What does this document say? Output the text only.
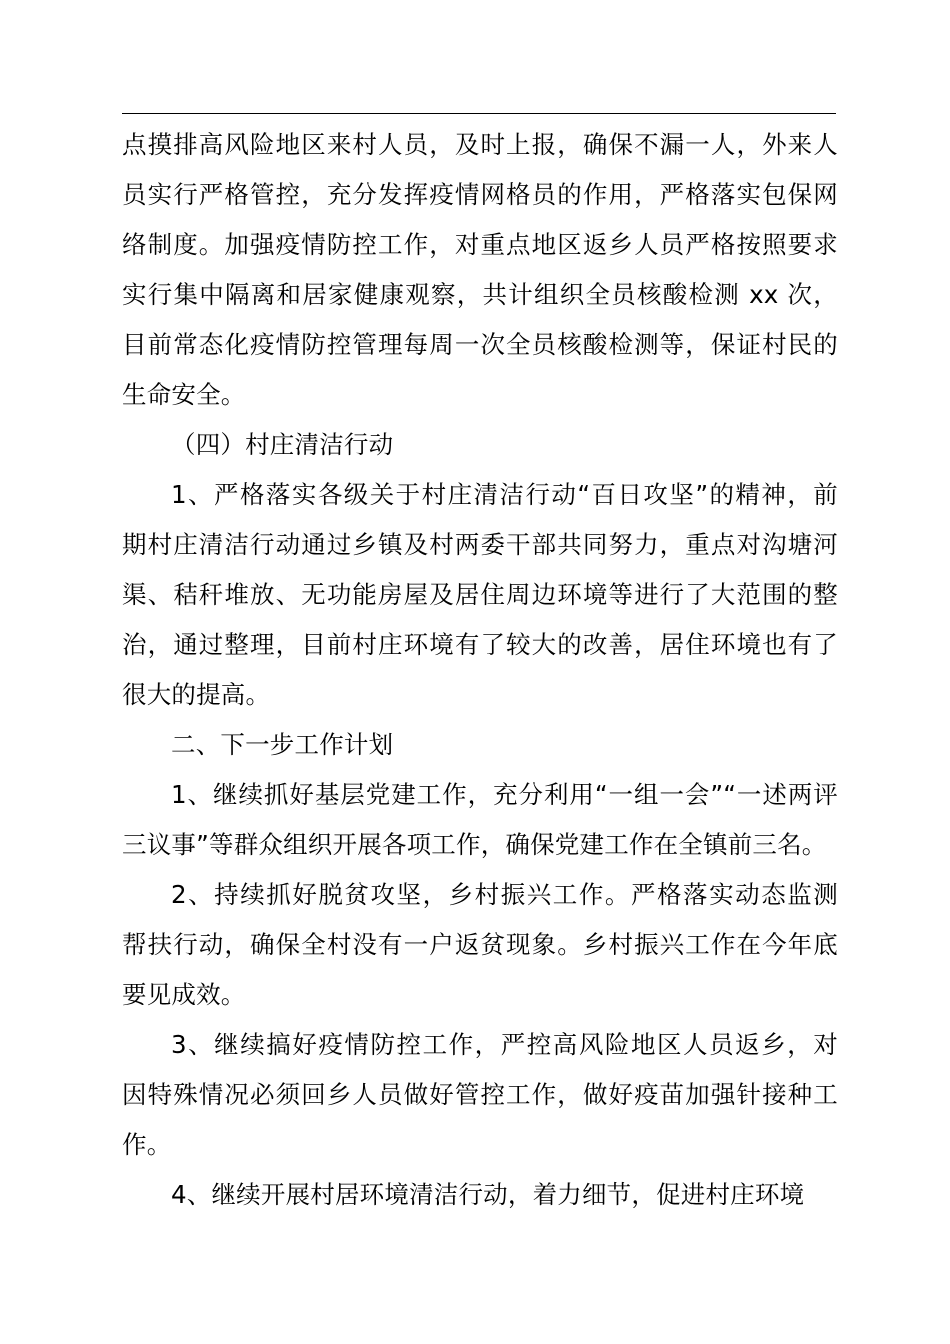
点摸排高风险地区来村人员，及时上报，确保不漏一人，外来人
员实行严格管控，充分发挥疫情网格员的作用，严格落实包保网
络制度。加强疫情防控工作，对重点地区返乡人员严格按照要求
实行集中隔离和居家健康观察，共计组织全员核酸检测 xx 次，
目前常态化疫情防控管理每周一次全员核酸检测等，保证村民的
生命安全。
（四）村庄清洁行动
1、严格落实各级关于村庄清洁行动“百日攻坚”的精神，前
期村庄清洁行动通过乡镇及村两委干部共同努力，重点对沟塘河
渠、秸秆堆放、无功能房屋及居住周边环境等进行了大范围的整
治，通过整理，目前村庄环境有了较大的改善，居住环境也有了
很大的提高。
二、下一步工作计划
1、继续抓好基层党建工作，充分利用“一组一会”“一述两评
三议事”等群众组织开展各项工作，确保党建工作在全镇前三名。
2、持续抓好脱贫攻坚，乡村振兴工作。严格落实动态监测
帮扶行动，确保全村没有一户返贫现象。乡村振兴工作在今年底
要见成效。
3、继续搞好疫情防控工作，严控高风险地区人员返乡，对
因特殊情况必须回乡人员做好管控工作，做好疫苗加强针接种工
作。
4、继续开展村居环境清洁行动，着力细节，促进村庄环境
